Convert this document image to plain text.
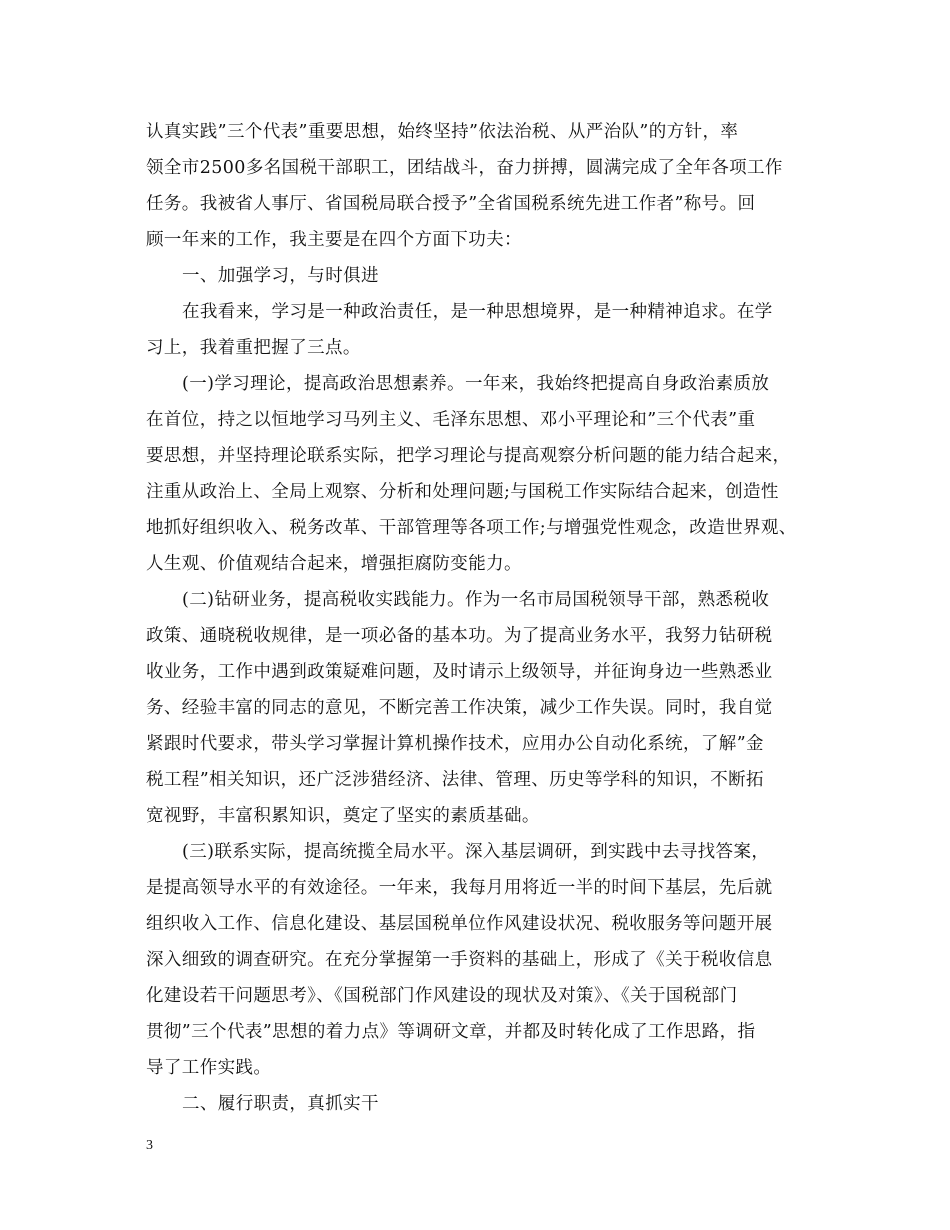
认真实践”三个代表”重要思想，始终坚持”依法治税、从严治队”的方针，率
领全市2500多名国税干部职工，团结战斗，奋力拼搏，圆满完成了全年各项工作
任务。我被省人事厅、省国税局联合授予”全省国税系统先进工作者”称号。回
顾一年来的工作，我主要是在四个方面下功夫：
一、加强学习，与时俱进
在我看来，学习是一种政治责任，是一种思想境界，是一种精神追求。在学
习上，我着重把握了三点。
(一)学习理论，提高政治思想素养。一年来，我始终把提高自身政治素质放
在首位，持之以恒地学习马列主义、毛泽东思想、邓小平理论和”三个代表”重
要思想，并坚持理论联系实际，把学习理论与提高观察分析问题的能力结合起来，
注重从政治上、全局上观察、分析和处理问题;与国税工作实际结合起来，创造性
地抓好组织收入、税务改革、干部管理等各项工作;与增强党性观念，改造世界观、
人生观、价值观结合起来，增强拒腐防变能力。
(二)钻研业务，提高税收实践能力。作为一名市局国税领导干部，熟悉税收
政策、通晓税收规律，是一项必备的基本功。为了提高业务水平，我努力钻研税
收业务，工作中遇到政策疑难问题，及时请示上级领导，并征询身边一些熟悉业
务、经验丰富的同志的意见，不断完善工作决策，减少工作失误。同时，我自觉
紧跟时代要求，带头学习掌握计算机操作技术，应用办公自动化系统，了解”金
税工程”相关知识，还广泛涉猎经济、法律、管理、历史等学科的知识，不断拓
宽视野，丰富积累知识，奠定了坚实的素质基础。
(三)联系实际，提高统揽全局水平。深入基层调研，到实践中去寻找答案，
是提高领导水平的有效途径。一年来，我每月用将近一半的时间下基层，先后就
组织收入工作、信息化建设、基层国税单位作风建设状况、税收服务等问题开展
深入细致的调查研究。在充分掌握第一手资料的基础上，形成了《关于税收信息
化建设若干问题思考》、《国税部门作风建设的现状及对策》、《关于国税部门
贯彻”三个代表”思想的着力点》等调研文章，并都及时转化成了工作思路，指
导了工作实践。
二、履行职责，真抓实干
3
